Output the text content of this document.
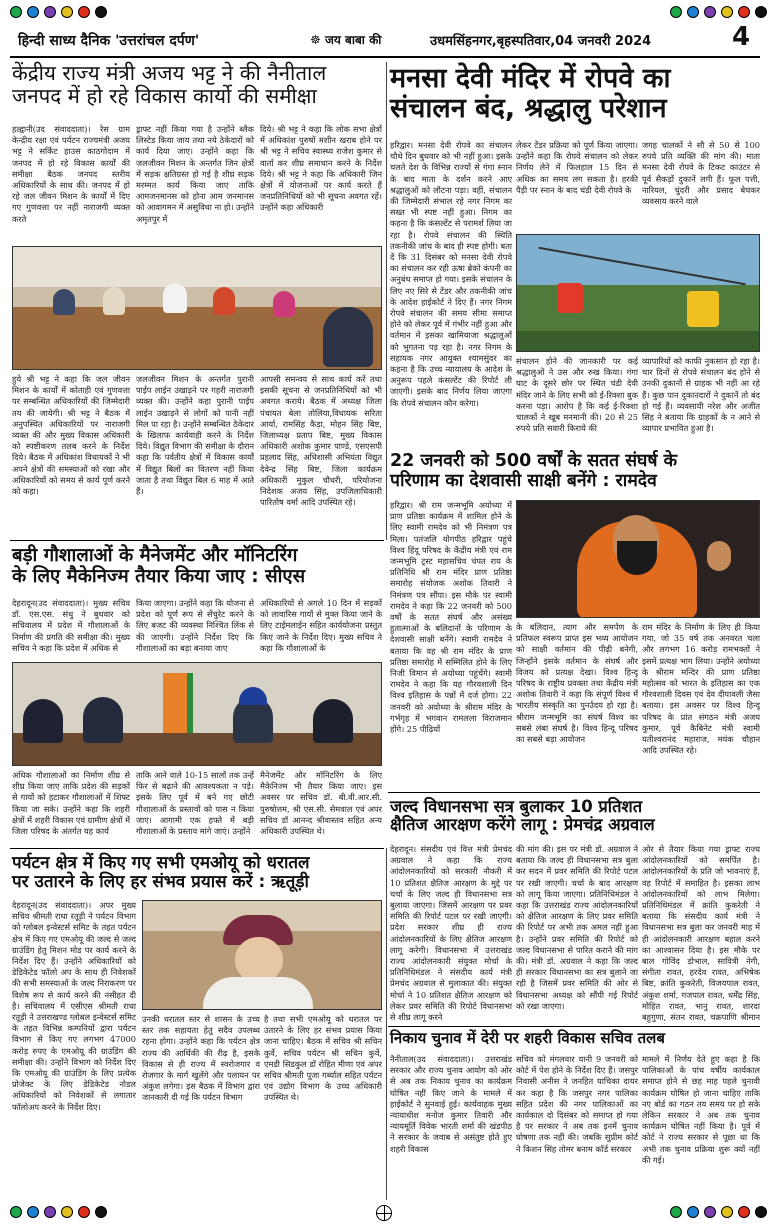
हिन्दी साध्य दैनिक 'उत्तरांचल दर्पण'	☸ जय बाबा की	उधमसिंहनगर,बृहस्पतिवार,04 जनवरी 2024	4
केंद्रीय राज्य मंत्री अजय भट्ट ने की नैनीताल
जनपद में हो रहे विकास कार्यो की समीक्षा
हल्द्वानी(उद संवाददाता)। रेस ग्राम केन्द्रीय रक्षा एवं पर्यटन राज्यमंत्री अजय भट्ट ने सर्किट हाउस काठगोदाम में जनपद में हो रहे विकास कार्यों की समीक्षा बैठक जनपद स्तरीय अधिकारियों के साथ की। जनपद में हो रहे जल जीवन मिशन के कार्यों में दिए गए गुणवत्ता पर नहीं नाराजगी व्यक्त करते
ड्राफ्ट नहीं किया गया है उन्होंने ब्लैक लिस्टेड किया जाय तथा नये ठेकेदारों को कार्य दिया जाए। उन्होंने कहा कि जलजीवन मिशन के अन्तर्गत जिन क्षेत्रों में सड़क क्षतिग्रस्त हो गई है शीघ्र सड़क मरम्मत कार्य किया जाए ताकि आमजनमानस को होना आम जनमानस को आवागमन में असुविधा ना हो। उन्होंने अमृतपुर में
दिये। श्री भट्ट ने कहा कि लोक सभा क्षेत्रों में अधिकांश पुरुषों मशीन खराब होने पर श्री भट्ट ने सचिव स्वास्थ्य राजेश कुमार से वार्ता कर शीघ्र समाधान करने के निर्देश दिये। श्री भट्ट ने कहा कि अधिकारी जिन क्षेत्रों में योजनाओं पर कार्य करते हैं जनप्रतिनिधियों को भी सूचना अवगत रहें। उन्होंने कहा अधिकारी
हुये श्री भट्ट ने कहा कि जल जीवन मिशन के कार्यों में कोताही एवं गुणवत्ता पर सम्बन्धित अधिकारियों की जिम्मेदारी तय की जायेगी। श्री भट्ट ने बैठक में अनुपस्थित अधिकारियों पर नाराजगी व्यक्त की और मुख्य विकास अधिकारी को स्पष्टीकरण तलब करने के निर्देश दिये। बैठक में अधिकांश विधायकों ने भी अपने क्षेत्रों की समस्याओं को रखा और अधिकारियों को समय से कार्य पूर्ण करने को कहा।
जलजीवन मिशन के अन्तर्गत पुरानी पाईप लाईन उखाड़ने पर गहरी नाराजगी व्यक्त की। उन्होंने कहा पुरानी पाईप लाईन उखाड़ने से लोगों को पानी नहीं मिल पा रहा है। उन्होंने सम्बन्धित ठेकेदार के खिलाफ कार्यवाही करने के निर्देश दिये। विद्युत विभाग की समीक्षा के दौरान कहा कि पर्वतीय क्षेत्रों में विकास कार्यों में विद्युत बिलों का वितरण नहीं किया जाता है तथा विद्युत बिल 6 माह में आते हैं।
आपसी समन्वय से साथ कार्य करें तथा इसकी सूचना से जनप्रतिनिधियों को भी अवगत कराये। बैठक में अध्यक्ष जिला पंचायत बेला तोलिया,विधायक सरिता आर्या, रामसिंह कैड़ा, मोहन सिंह बिष्ट, जिलाध्यक्ष प्रताप बिष्ट, मुख्य विकास अधिकारी अशोक कुमार पाण्डे, एसएसपी प्रहलाद सिंह, अधिशासी अभियंता विद्युत देवेन्द्र सिंह बिष्ट, जिला कार्यक्रम अधिकारी मुकुल चौधरी, परियोजना निदेशक अजय सिंह, उपजिलाधिकारी पारितोष वर्मा आदि उपस्थित रहे।
मनसा देवी मंदिर में रोपवे का
संचालन बंद, श्रद्धालु परेशान
हरिद्वार। मनसा देवी रोपवे का संचालन चौथे दिन बुधवार को भी नहीं हुआ। इसके चलते देश के विभिन्न राज्यों से गंगा स्नान के बाद माता के दर्शन करने आए श्रद्धालुओं को लौटना पड़ा। वहीं, संचालन की जिम्मेदारी संभाल रहे नगर निगम का सख्त भी स्पष्ट नहीं हुआ। निगम का कहना है कि कंसल्टेंट से परामर्श लिया जा रहा है। रोपवे संचालन की स्थिति तकनीकी जांच के बाद ही स्पष्ट होगी। बता दें कि 31 दिसंबर को मनसा देवी रोपवे का संचालन कर रही ऊषा ब्रेको कंपनी का अनुबंध समाप्त हो गया। इसके संचालन के लिए नए सिरे से टेंडर और तकनीकी जांच के आदेश हाईकोर्ट ने दिए हैं। नगर निगम रोपवे संचालन की समय सीमा समाप्त होने को लेकर पूर्व में गंभीर नहीं हुआ और वर्तमान में इसका खामियाजा श्रद्धालुओं को भुगतना पड़ रहा है। नगर निगम के सहायक नगर आयुक्त श्यामसुंदर का कहना है कि उच्च न्यायालय के आदेश के अनुरूप पहले कंसल्टेंट की रिपोर्ट ली जाएगी। इसके बाद निर्णय लिया जाएगा कि रोपवे संचालन कौन करेगा।
लेकर टेंडर प्रक्रिया को पूर्ण किया जाएगा। उन्होंने कहा कि रोपवे संचालन को लेकर निर्णय लेने में फिलहाल 15 दिन से अधिक का समय लग सकता है। हरकी पैड़ी पर स्नान के बाद चंडी देवी रोपवे के
जगह चालकों ने सौ से 50 से 100 रुपये प्रति व्यक्ति की मांग की। माता मनसा देवी रोपवे के टिकट काउंटर से पूर्व सैकड़ों दुकानें लगी हैं। फूल पत्ती, नारियल, चुंदरी और प्रसाद बेचकर व्यवसाय करने वाले
संचालन होने की जानकारी पर कई श्रद्धालुओं ने उस और रुख किया। गंगा घाट के दूसरे छोर पर स्थित चंडी देवी मंदिर जाने के लिए सभी को ई-रिक्शा बुक करना पड़ा। आरोप है कि कई ई-रिक्शा चालकों ने खूब मनमानी की। 20 से 25 रुपये प्रति सवारी किराये की
व्यापारियों को काफी नुकसान हो रहा है। चार दिनों से रोपवे संचालन बंद होने से उनकी दुकानों से ग्राहक भी नहीं आ रहे हैं। कुछ पान दुकानदारों ने दुकानें तो बंद हो गई हैं। व्यवसायी नरेश और अजीत सिंह ने बताया कि ग्राहकों के न आने से व्यापार प्रभावित हुआ है।
22 जनवरी को 500 वर्षों के सतत संघर्ष के
परिणाम का देशवासी साक्षी बनेंगे : रामदेव
हरिद्वार। श्री राम जन्मभूमि अयोध्या में प्राण प्रतिष्ठा कार्यक्रम में शामिल होने के लिए स्वामी रामदेव को भी निमंत्रण पत्र मिला। पतंजलि योगपीठ हरिद्वार पहुंचे विश्व हिंदू परिषद के केंद्रीय मंत्री एवं राम जन्मभूमि ट्रस्ट महासचिव चंपत राय के प्रतिनिधि श्री राम मंदिर प्राण प्रतिष्ठा समारोह संयोजक अशोक तिवारी ने निमंत्रण पत्र सौंपा। इस मौके पर स्वामी रामदेव ने कहा कि 22 जनवरी को 500 वर्षों के सतत संघर्ष और असंख्य हुतात्माओं के बलिदानों के परिणाम के देशवासी साक्षी बनेंगे। स्वामी रामदेव ने बताया कि वह श्री राम मंदिर के प्राण प्रतिष्ठा समारोह में सम्मिलित होने के लिए निजी विमान से अयोध्या पहुंचेंगे। स्वामी रामदेव ने कहा कि यह गौरवशाली दिन विश्व इतिहास के पन्नों में दर्ज होगा। 22 जनवरी को अयोध्या के श्रीराम मंदिर के गर्भगृह में भगवान रामलला विराजमान होंगे। 25 पीढ़ियों
के बलिदान, त्याग और समर्पण के प्रतिफल स्वरूप प्राप्त इस भव्य आयोजन को साक्षी वर्तमान की पीढ़ी बनेगी, जिन्होंने इसके वर्तमान के संघर्ष और विजय को प्रत्यक्ष देखा। विश्व हिन्दू परिषद के राष्ट्रीय प्रवक्ता तथा केंद्रीय मंत्री अशोक तिवारी ने कहा कि संपूर्ण विश्व में भारतीय संस्कृति का पुनर्उदय हो रहा है। श्रीराम जन्मभूमि का संघर्ष विश्व का सबसे लंबा संघर्ष है। विश्व हिन्दू परिषद का सबसे बड़ा आयोजन
राम मंदिर के निर्माण के लिए ही किया गया, जो 35 वर्ष तक अनवरत चला और लगभग 16 करोड़ रामभक्तों ने इसमें प्रत्यक्ष भाग लिया। उन्होंने अयोध्या के श्रीराम मन्दिर की प्राण प्रतिष्ठा महोत्सव को भारत के इतिहास का एक गौरवशाली दिवस एवं देव दीपावली जैसा बताया। इस अवसर पर विश्व हिन्दू परिषद के प्रांत संगठन मंत्री अजय कुमार, पूर्व कैबिनेट मंत्री स्वामी यतीश्वरानंद महाराज, मयंक चौहान आदि उपस्थित रहे।
बड़ी गौशालाओं के मैनेजमेंट और मॉनिटरिंग
के लिए मैकेनिज्म तैयार किया जाए : सीएस
देहरादून(उद संवाददाता)। मुख्य सचिव डॉ. एस.एस. संधु ने बुधवार को सचिवालय में प्रदेश में गौशालाओं के निर्माण की प्रगति की समीक्षा की। मुख्य सचिव ने कहा कि प्रदेश में अधिक से
किया जाएगा। उन्होंने कहा कि योजना से प्रदेश को पूर्ण रूप से सेंचुरेट करने के लिए बजट की व्यवस्था निश्चित लिंक से की जाएगी। उन्होंने निर्देश दिए कि गौशालाओं का बड़ा बनाया जाए
अधिकारियों से अगले 10 दिन में सड़कों को लावारिस गायों से मुक्त किया जाने के लिए टाईमलाईन सहित कार्ययोजना प्रस्तुत किए जाने के निर्देश दिए। मुख्य सचिव ने कहा कि गौशालाओं के
अधिक गौशालाओं का निर्माण शीघ्र से शीघ्र किया जाए ताकि प्रदेश की सड़कों से गायों को हटाकर गौशालाओं में शिफ्ट किया जा सके। उन्होंने कहा कि शहरी क्षेत्रों में शहरी विकास एवं ग्रामीण क्षेत्रों में जिला परिषद के अंतर्गत यह कार्य
ताकि आने वाले 10-15 सालों तक उन्हें फिर से बढ़ाने की आवश्यकता न पड़े। इसके लिए पूर्व में बने गए छोटी गौशालाओं के प्रस्तावों को पास न किया जाए। आगामी एक हफ्ते में बड़ी गौशालाओं के प्रस्ताव मांगे जाएं। उन्होंने
मैनेजमेंट और मॉनिटरिंग के लिए मैकेनिज्म भी तैयार किया जाए। इस अवसर पर सचिव डॉ. बी.वी.आर.सी. पुरुषोत्तम, श्री एस.सी. सेमवाल एवं अपर सचिव डॉ आनन्द श्रीवास्तव सहित अन्य अधिकारी उपस्थित थे।
पर्यटन क्षेत्र में किए गए सभी एमओयू को धरातल
पर उतारने के लिए हर संभव प्रयास करें : ऋतूड़ी
देहरादून(उद संवाददाता)। अपर मुख्य सचिव श्रीमती राधा रतूड़ी ने पर्यटन विभाग को ग्लोबल इन्वेस्टर्स समिट के तहत पर्यटन क्षेत्र में किए गए एमओयू की जल्द से जल्द ग्राउंडिंग हेतु मिशन मोड पर कार्य करने के निर्देश दिए हैं। उन्होंने अधिकारियों को डेडिकेटेड फॉलो अप के साथ ही निवेशकों की सभी समस्याओं के जल्द निराकरण पर विशेष रूप से कार्य करने की नसीहत दी है। सचिवालय में एसीएस श्रीमती राधा रतूड़ी ने उत्तराखण्ड ग्लोबल इन्वेस्टर्स समिट के तहत विभिन्न कम्पनियों द्वारा पर्यटन विभाग से किए गए लगभग 47000 करोड़ रुपए के एमओयू की ग्राउंडिंग की समीक्षा की। उन्होंने विभाग को निर्देश दिए कि एमओयू की ग्राउंडिंग के लिए प्रत्येक प्रोजेक्ट के लिए डेडिकेटेड नोडल अधिकारियों को निवेशकों से लगातार फॉलोअप करने के निर्देश दिए।
उनकी धरातल स्तर से शासन के उच्च स्तर तक सहायता हेतु सदैव उपलब्ध रहना होगा। उन्होंने कहा कि पर्यटन क्षेत्र राज्य की आर्थिकी की रीढ़ है, इसके विकास से ही राज्य में स्वरोजगार व रोजगार के मार्ग खुलेंगे और पलायन पर अंकुश लगेगा। इस बैठक में विभाग द्वारा जानकारी दी गई कि पर्यटन विभाग
है तथा सभी एमओयू को धरातल पर उतारने के लिए हर संभव प्रयास किया जाना चाहिए। बैठक में सचिव श्री सचिन कुर्वे, सचिव पर्यटन श्री सचिन कुर्वे, एमडी सिडकुल डॉ रोहित मीणा एवं अपर सचिव श्रीमती पूजा गर्ब्याल सहित पर्यटन एवं उद्योग विभाग के उच्च अधिकारी उपस्थित थे।
जल्द विधानसभा सत्र बुलाकर 10 प्रतिशत
क्षैतिज आरक्षण करेंगे लागू : प्रेमचंद्र अग्रवाल
देहरादून। संसदीय एवं वित्त मंत्री प्रेमचंद अग्रवाल ने कहा कि राज्य आंदोलनकारियों को सरकारी नौकरी में 10 प्रतिशत क्षैतिज आरक्षण के मुद्दे पर चर्चा के लिए जल्द ही विधानसभा सत्र बुलाया जाएगा। जिसमें आरक्षण पर प्रवर समिति की रिपोर्ट पटल पर रखी जाएगी। प्रदेश सरकार शीघ्र ही राज्य आंदोलनकारियों के लिए क्षैतिज आरक्षण लागू करेगी। विधानसभा में उत्तराखंड राज्य आंदोलनकारी संयुक्त मोर्चा के प्रतिनिधिमंडल ने संसदीय कार्य मंत्री प्रेमचंद अग्रवाल से मुलाकात की। संयुक्त मोर्चा ने 10 प्रतिशत क्षैतिज आरक्षण को लेकर प्रवर समिति की रिपोर्ट विधानसभा से शीघ्र लागू करने
की मांग की। इस पर मंत्री डॉ. अग्रवाल ने बताया कि जल्द ही विधानसभा सत्र बुला कर सदन में प्रवर समिति की रिपोर्ट पटल पर रखी जाएगी। चर्चा के बाद आरक्षण को लागू किया जाएगा। प्रतिनिधिमंडल ने कहा कि उत्तराखंड राज्य आंदोलनकारियों को क्षैतिज आरक्षण के लिए प्रवर समिति की रिपोर्ट पर अभी तक अमल नहीं हुआ है। उन्होंने प्रवर समिति की रिपोर्ट को जल्द विधानसभा से पारित कराने की मांग की। मंत्री डॉ. अग्रवाल ने कहा कि जल्द ही सरकार विधानसभा का सत्र बुलाने जा रही है जिसमें प्रवर समिति की ओर से विधानसभा अध्यक्ष को सौंपी गई रिपोर्ट को रखा जाएगा।
ओर से तैयार किया गया ड्राफ्ट राज्य आंदोलनकारियों को समर्पित है। आंदोलनकारियों के प्रति जो भावनाएं हैं, वह रिपोर्ट में समाहित है। इसका लाभ आंदोलनकारियों को लाभ मिलेगा। प्रतिनिधिमंडल में क्रांति कुकरेती ने बताया कि संसदीय कार्य मंत्री ने विधानसभा सत्र बुला कर जनवरी माह में ही आंदोलनकारी आरक्षण बहाल करने का आश्वासन दिया है। इस मौके पर बाल गोविंद डोभाल, सावित्री नेगी, संगीता रावत, हरदेव रावत, अभिषेक बिष्ट, क्रांति कुकरेती, विजयपाल रावत, अंकुश शर्मा, गजपाल रावत, धर्मेंद्र सिंह, मोहित रावत, भानु रावत, शारदा बहुगुणा, संतन रावत, चक्रपाणि श्रीमान
निकाय चुनाव में देरी पर शहरी विकास सचिव तलब
नैनीताल(उद संवाददाता)। उत्तराखंड सरकार और राज्य चुनाव आयोग को ओर से अब तक निकाय चुनाव का कार्यक्रम घोषित नहीं किए जाने के मामले में हाईकोर्ट ने सुनवाई हुई। कार्यवाहक मुख्य न्यायाधीश मनोज कुमार तिवारी और न्यायमूर्ति विवेक भारती शर्मा की खंडपीठ ने सरकार के जवाब से असंतुष्ट होते हुए शहरी विकास
सचिव को मंगलवार यानी 9 जनवरी को कोर्ट में पेश होने के निर्देश दिए हैं। जसपुर निवासी अनीस ने जनहित याचिका दायर कर कहा है कि जसपुर नगर पालिका सहित प्रदेश की नगर पालिकाओं का कार्यकाल दो दिसंबर को समाप्त हो गया है पर सरकार ने अब तक इनमें चुनाव घोषणा तक नहीं की। जबकि सुप्रीम कोर्ट ने किशन सिंह तोमर बनाम कॉर्ड सरकार
मामले में निर्णय देते हुए कहा है कि पालिकाओं के पांच वर्षीय कार्यकाल समाप्त होने से छह माह पहले चुनावी कार्यक्रम घोषित हो जाना चाहिए ताकि नए बोर्ड का गठन तय समय पर हो सके लेकिन सरकार ने अब तक चुनाव कार्यक्रम घोषित नहीं किया है। पूर्व में कोर्ट ने राज्य सरकार से पूछा था कि अभी तक चुनाव प्रक्रिया शुरू क्यों नहीं की गई।
